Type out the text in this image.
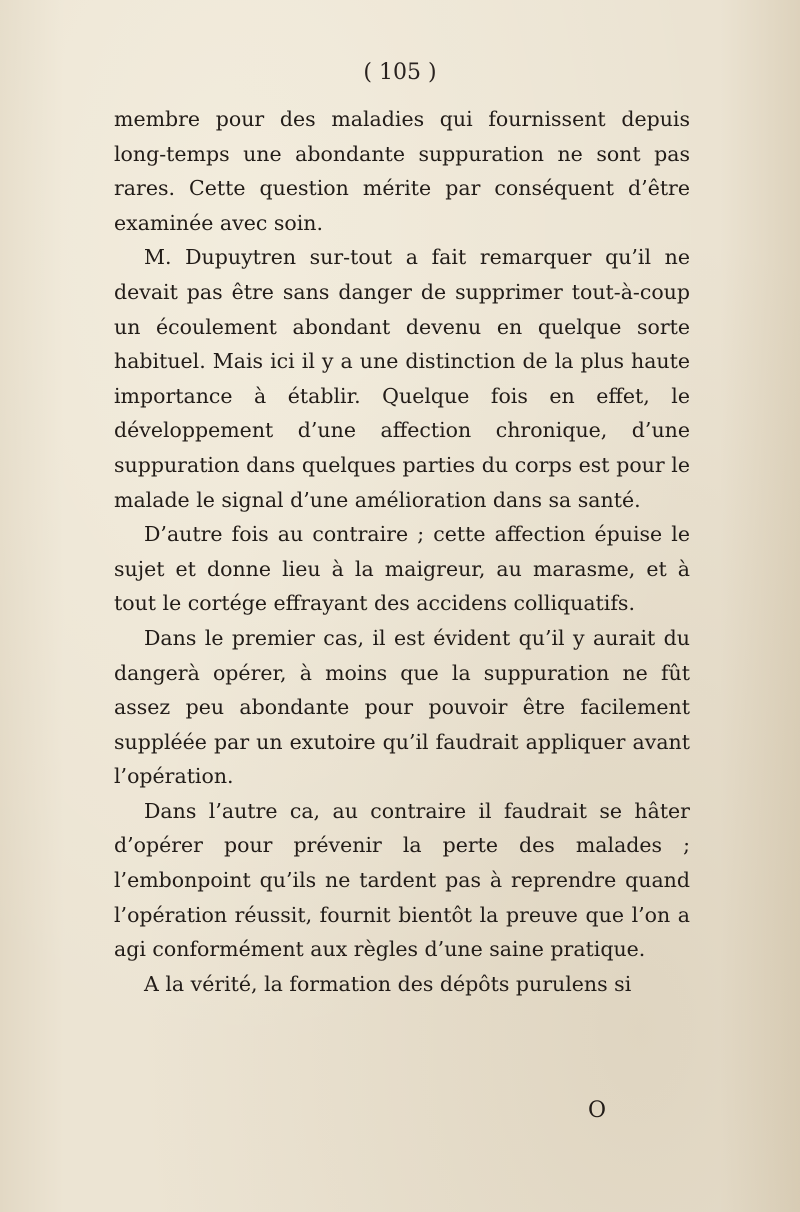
( 105 )

membre pour des maladies qui fournissent depuis long-temps une abondante suppuration ne sont pas rares. Cette question mérite par conséquent d’être examinée avec soin.

M. Dupuytren sur-tout a fait remarquer qu’il ne devait pas être sans danger de supprimer tout-à-coup un écoulement abondant devenu en quelque sorte habituel. Mais ici il y a une distinction de la plus haute importance à établir. Quelque fois en effet, le développement d’une affection chronique, d’une suppuration dans quelques parties du corps est pour le malade le signal d’une amélioration dans sa santé.

D’autre fois au contraire ; cette affection épuise le sujet et donne lieu à la maigreur, au marasme, et à tout le cortége effrayant des accidens colliquatifs.

Dans le premier cas, il est évident qu’il y aurait du dangerà opérer, à moins que la suppuration ne fût assez peu abondante pour pouvoir être facilement suppléée par un exutoire qu’il faudrait appliquer avant l’opération.

Dans l’autre ca, au contraire il faudrait se hâter d’opérer pour prévenir la perte des malades ; l’embonpoint qu’ils ne tardent pas à reprendre quand l’opération réussit, fournit bientôt la preuve que l’on a agi conformément aux règles d’une saine pratique.

A la vérité, la formation des dépôts purulens si

O
